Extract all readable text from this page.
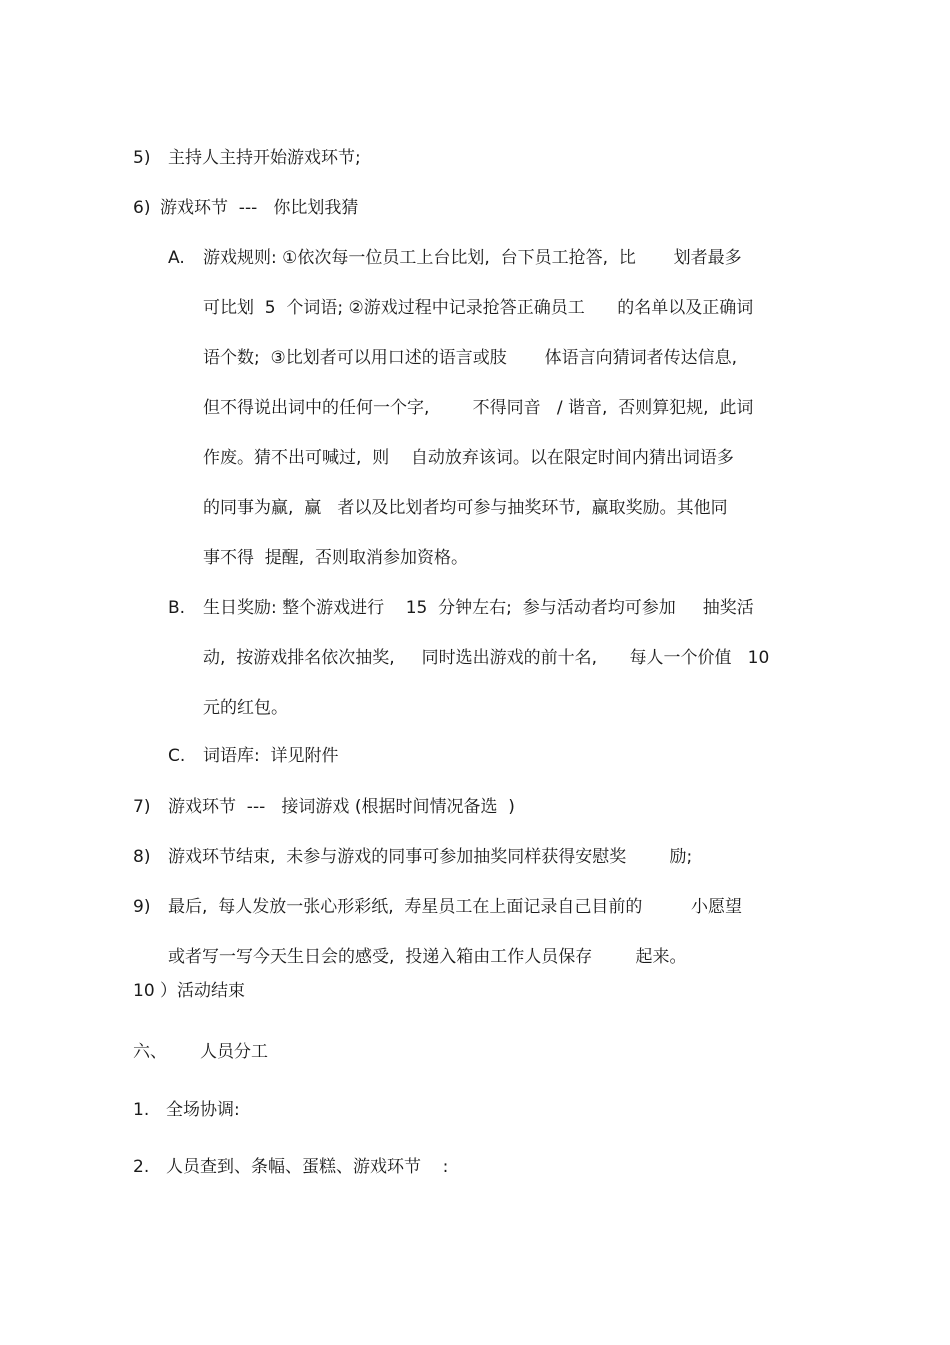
5) 主持人主持开始游戏环节;
6) 游戏环节  ---   你比划我猜
A. 游戏规则: ①依次每一位员工上台比划,  台下员工抢答,  比       划者最多
可比划  5  个词语; ②游戏过程中记录抢答正确员工      的名单以及正确词
语个数;  ③比划者可以用口述的语言或肢       体语言向猜词者传达信息,
但不得说出词中的任何一个字,        不得同音   / 谐音,  否则算犯规,  此词
作废。猜不出可喊过,  则    自动放弃该词。以在限定时间内猜出词语多
的同事为赢,  赢   者以及比划者均可参与抽奖环节,  赢取奖励。其他同
事不得  提醒,  否则取消参加资格。
B. 生日奖励: 整个游戏进行    15  分钟左右;  参与活动者均可参加     抽奖活
动,  按游戏排名依次抽奖,     同时选出游戏的前十名,      每人一个价值   10
元的红包。
C. 词语库:  详见附件
7) 游戏环节  ---   接词游戏 (根据时间情况备选  )
8) 游戏环节结束,  未参与游戏的同事可参加抽奖同样获得安慰奖        励;
9) 最后,  每人发放一张心形彩纸,  寿星员工在上面记录自己目前的         小愿望
或者写一写今天生日会的感受,  投递入箱由工作人员保存        起来。
10 ）活动结束
六、 人员分工
1. 全场协调:
2. 人员查到、条幅、蛋糕、游戏环节    :
